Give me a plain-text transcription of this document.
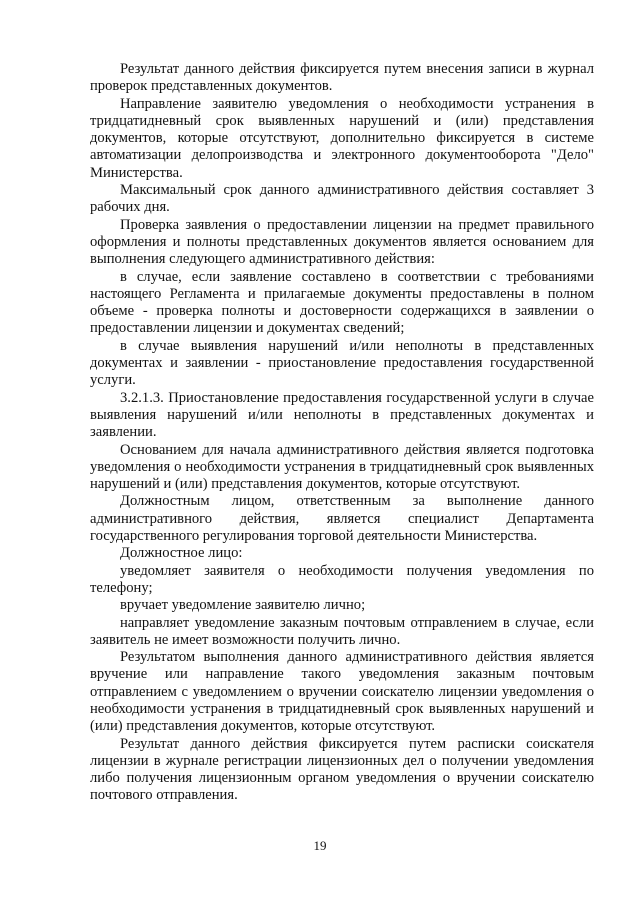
Результат данного действия фиксируется путем внесения записи в журнал проверок представленных документов.

Направление заявителю уведомления о необходимости устранения в тридцатидневный срок выявленных нарушений и (или) представления документов, которые отсутствуют, дополнительно фиксируется в системе автоматизации делопроизводства и электронного документооборота "Дело" Министерства.

Максимальный срок данного административного действия составляет 3 рабочих дня.

Проверка заявления о предоставлении лицензии на предмет правильного оформления и полноты представленных документов является основанием для выполнения следующего административного действия:

в случае, если заявление составлено в соответствии с требованиями настоящего Регламента и прилагаемые документы предоставлены в полном объеме - проверка полноты и достоверности содержащихся в заявлении о предоставлении лицензии и документах сведений;

в случае выявления нарушений и/или неполноты в представленных документах и заявлении - приостановление предоставления государственной услуги.

3.2.1.3. Приостановление предоставления государственной услуги в случае выявления нарушений и/или неполноты в представленных документах и заявлении.

Основанием для начала административного действия является подготовка уведомления о необходимости устранения в тридцатидневный срок выявленных нарушений и (или) представления документов, которые отсутствуют.

Должностным лицом, ответственным за выполнение данного административного действия, является специалист Департамента государственного регулирования торговой деятельности Министерства.

Должностное лицо:

уведомляет заявителя о необходимости получения уведомления по телефону;

вручает уведомление заявителю лично;

направляет уведомление заказным почтовым отправлением в случае, если заявитель не имеет возможности получить лично.

Результатом выполнения данного административного действия является вручение или направление такого уведомления заказным почтовым отправлением с уведомлением о вручении соискателю лицензии уведомления о необходимости устранения в тридцатидневный срок выявленных нарушений и (или) представления документов, которые отсутствуют.

Результат данного действия фиксируется путем расписки соискателя лицензии в журнале регистрации лицензионных дел о получении уведомления либо получения лицензионным органом уведомления о вручении соискателю почтового отправления.

19
